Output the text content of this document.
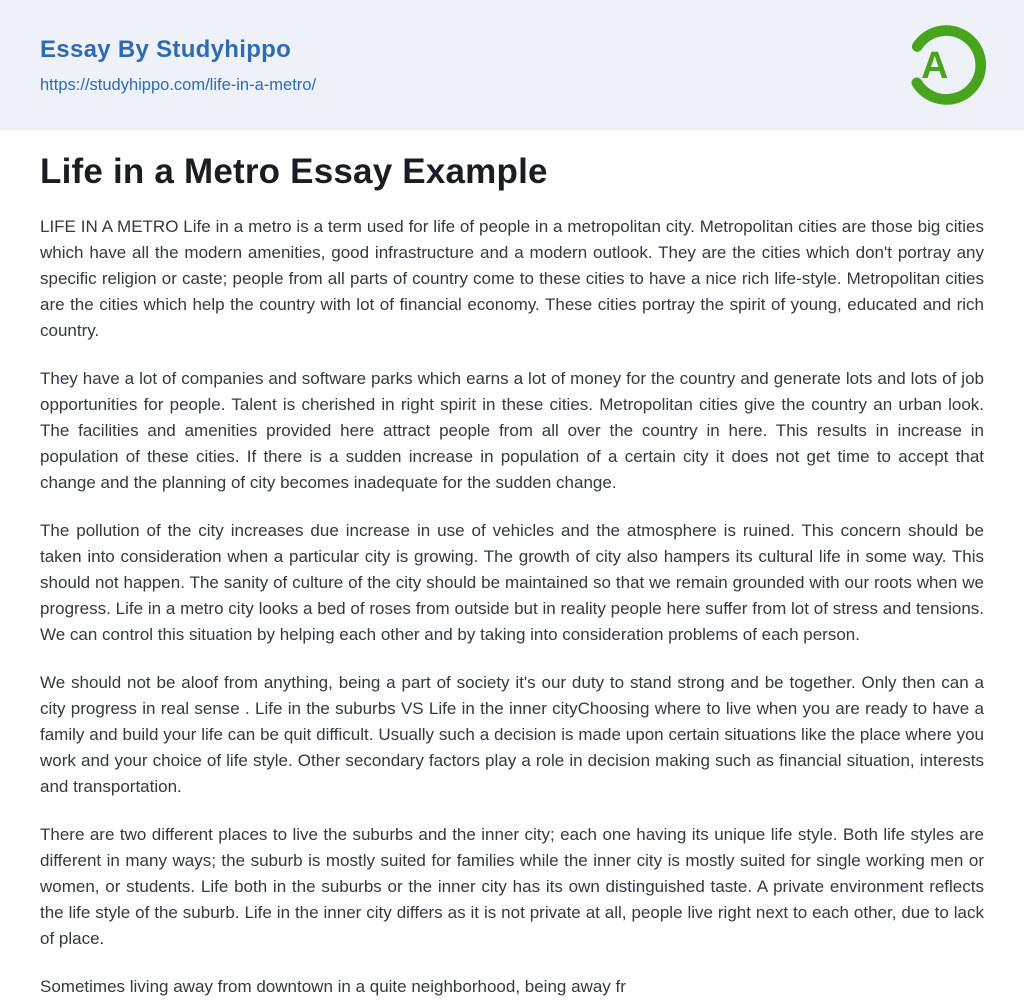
Essay By Studyhippo
https://studyhippo.com/life-in-a-metro/	A
Life in a Metro Essay Example

LIFE IN A METRO Life in a metro is a term used for life of people in a metropolitan city. Metropolitan cities are those big cities which have all the modern amenities, good infrastructure and a modern outlook. They are the cities which don't portray any specific religion or caste; people from all parts of country come to these cities to have a nice rich life-style. Metropolitan cities are the cities which help the country with lot of financial economy. These cities portray the spirit of young, educated and rich country.

They have a lot of companies and software parks which earns a lot of money for the country and generate lots and lots of job opportunities for people. Talent is cherished in right spirit in these cities. Metropolitan cities give the country an urban look. The facilities and amenities provided here attract people from all over the country in here. This results in increase in population of these cities. If there is a sudden increase in population of a certain city it does not get time to accept that change and the planning of city becomes inadequate for the sudden change.

The pollution of the city increases due increase in use of vehicles and the atmosphere is ruined. This concern should be taken into consideration when a particular city is growing. The growth of city also hampers its cultural life in some way. This should not happen. The sanity of culture of the city should be maintained so that we remain grounded with our roots when we progress. Life in a metro city looks a bed of roses from outside but in reality people here suffer from lot of stress and tensions. We can control this situation by helping each other and by taking into consideration problems of each person.

We should not be aloof from anything, being a part of society it's our duty to stand strong and be together. Only then can a city progress in real sense . Life in the suburbs VS Life in the inner cityChoosing where to live when you are ready to have a family and build your life can be quit difficult. Usually such a decision is made upon certain situations like the place where you work and your choice of life style. Other secondary factors play a role in decision making such as financial situation, interests and transportation.

There are two different places to live the suburbs and the inner city; each one having its unique life style. Both life styles are different in many ways; the suburb is mostly suited for families while the inner city is mostly suited for single working men or women, or students. Life both in the suburbs or the inner city has its own distinguished taste. A private environment reflects the life style of the suburb. Life in the inner city differs as it is not private at all, people live right next to each other, due to lack of place.

Sometimes living away from downtown in a quite neighborhood, being away fr
